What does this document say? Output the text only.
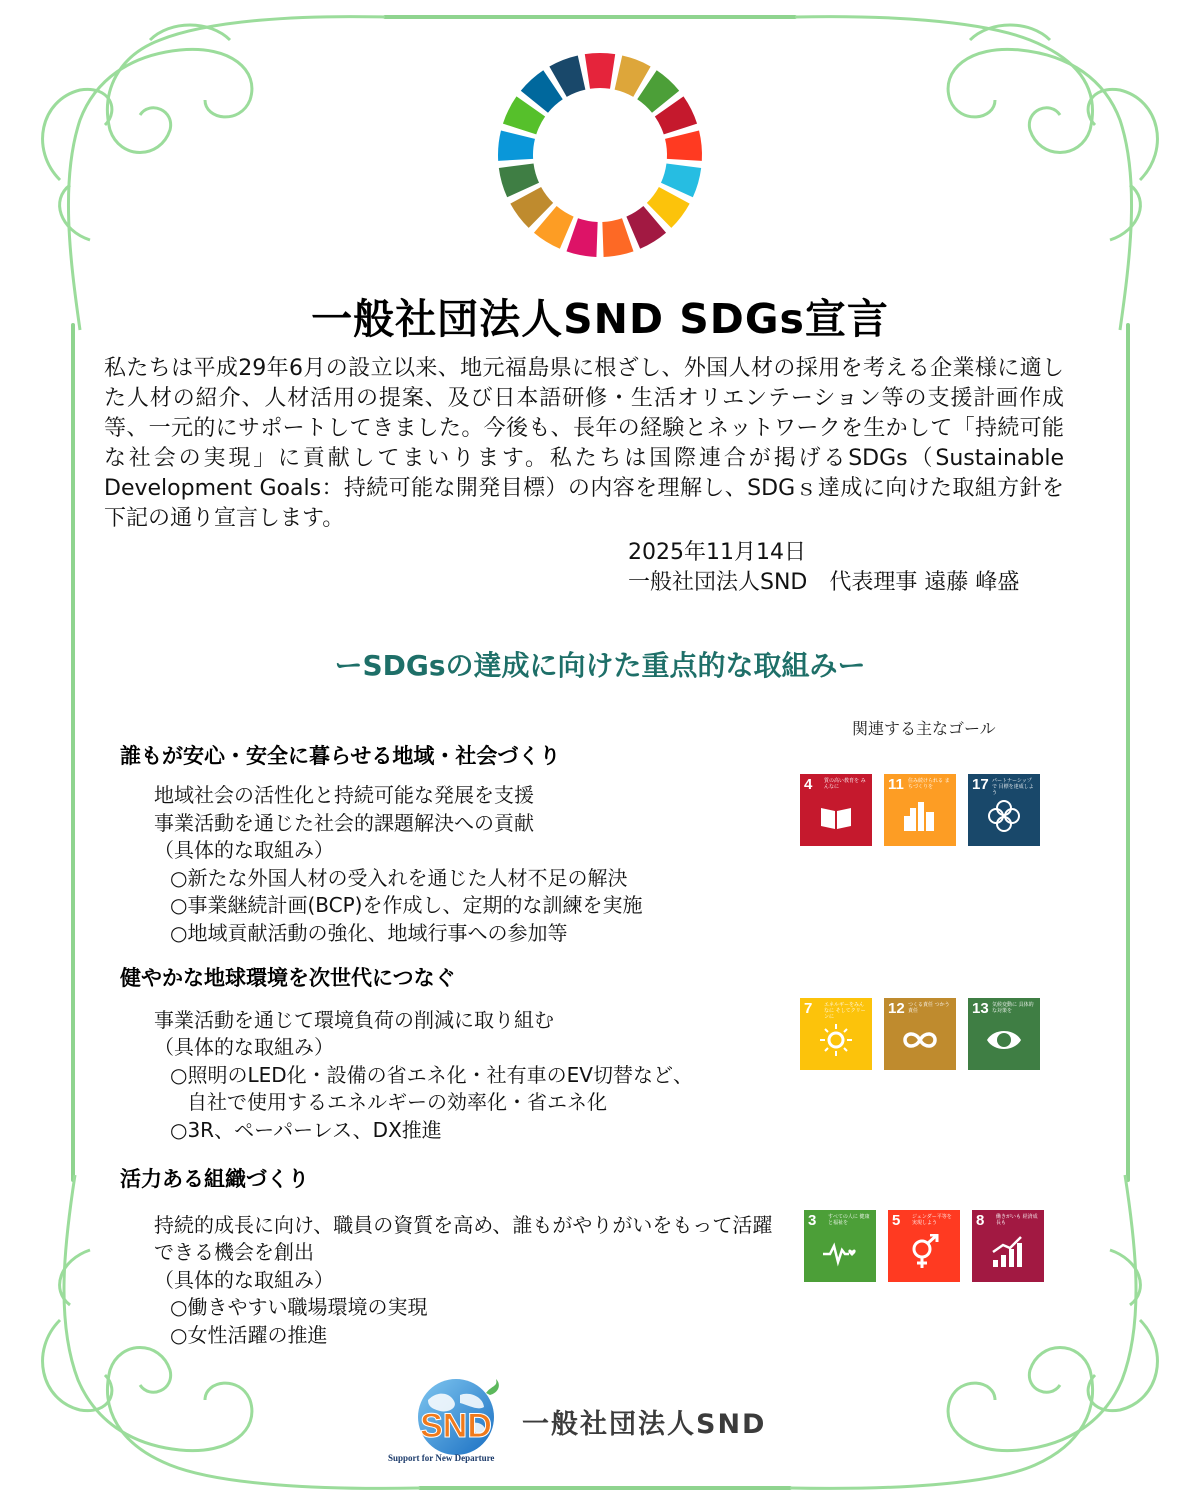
一般社団法人SND SDGs宣言
私たちは平成29年6月の設立以来、地元福島県に根ざし、外国人材の採用を考える企業様に適した人材の紹介、人材活用の提案、及び日本語研修・生活オリエンテーション等の支援計画作成等、一元的にサポートしてきました。今後も、長年の経験とネットワークを生かして「持続可能な社会の実現」に貢献してまいります。私たちは国際連合が掲げるSDGs（Sustainable Development Goals：持続可能な開発目標）の内容を理解し、SDGｓ達成に向けた取組方針を下記の通り宣言します。
2025年11月14日
一般社団法人SND　代表理事 遠藤 峰盛
ーSDGsの達成に向けた重点的な取組みー
関連する主なゴール
誰もが安心・安全に暮らせる地域・社会づくり
地域社会の活性化と持続可能な発展を支援
事業活動を通じた社会的課題解決への貢献
（具体的な取組み）
○新たな外国人材の受入れを通じた人材不足の解決
○事業継続計画(BCP)を作成し、定期的な訓練を実施
○地域貢献活動の強化、地域行事への参加等
4 質の高い教育を みんなに	11 住み続けられる まちづくりを	17 パートナーシップで 目標を達成しよう
健やかな地球環境を次世代につなぐ
事業活動を通じて環境負荷の削減に取り組む
（具体的な取組み）
○照明のLED化・設備の省エネ化・社有車のEV切替など、
自社で使用するエネルギーの効率化・省エネ化
○3R、ペーパーレス、DX推進
7 エネルギーをみんなに そしてクリーンに	12 つくる責任 つかう責任	13 気候変動に 具体的な対策を
活力ある組織づくり
持続的成長に向け、職員の資質を高め、誰もがやりがいをもって活躍
できる機会を創出
（具体的な取組み）
○働きやすい職場環境の実現
○女性活躍の推進
3 すべての人に 健康と福祉を	5 ジェンダー平等を 実現しよう	8 働きがいも 経済成長も
SND
Support for New Departure
一般社団法人SND
